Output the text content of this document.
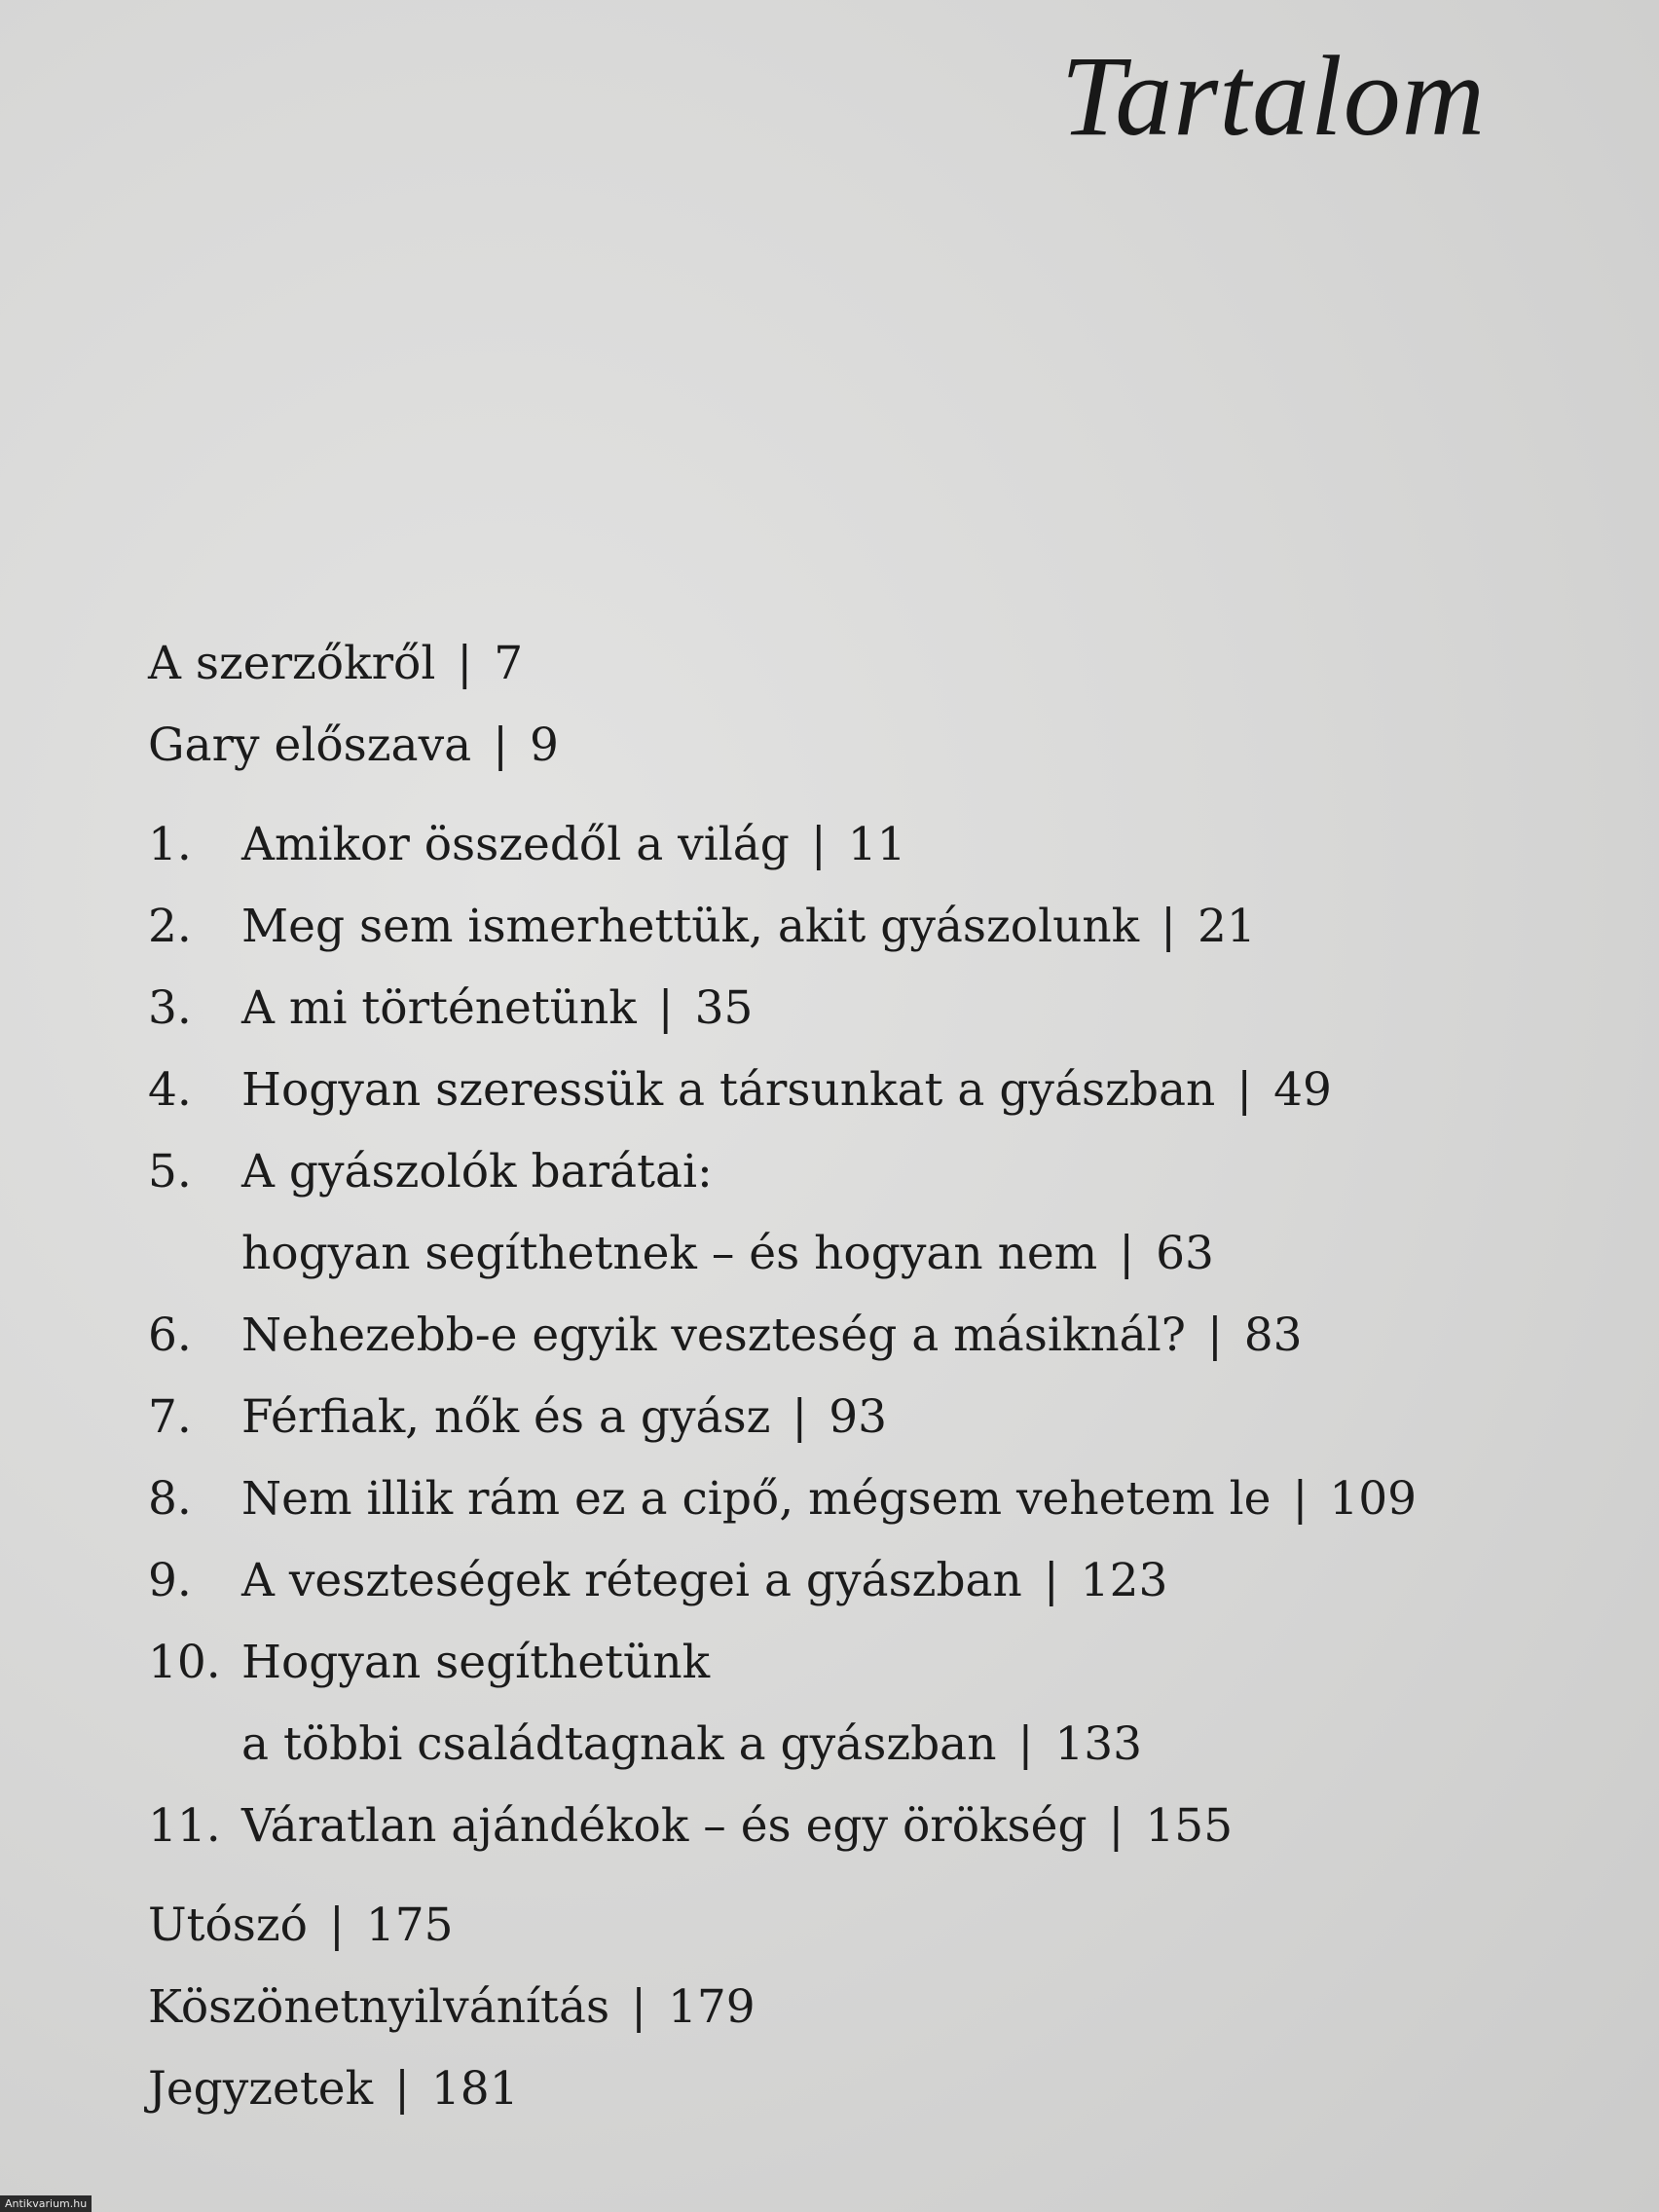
Tartalom
A szerzőkről | 7
Gary előszava | 9
1.	Amikor összedől a világ | 11
2.	Meg sem ismerhettük, akit gyászolunk | 21
3.	A mi történetünk | 35
4.	Hogyan szeressük a társunkat a gyászban | 49
5.	A gyászolók barátai:
hogyan segíthetnek – és hogyan nem | 63
6.	Nehezebb-e egyik veszteség a másiknál? | 83
7.	Férfiak, nők és a gyász | 93
8.	Nem illik rám ez a cipő, mégsem vehetem le | 109
9.	A veszteségek rétegei a gyászban | 123
10. Hogyan segíthetünk
a többi családtagnak a gyászban | 133
11. Váratlan ajándékok – és egy örökség | 155
Utószó | 175
Köszönetnyilvánítás | 179
Jegyzetek | 181
Antikvarium.hu
